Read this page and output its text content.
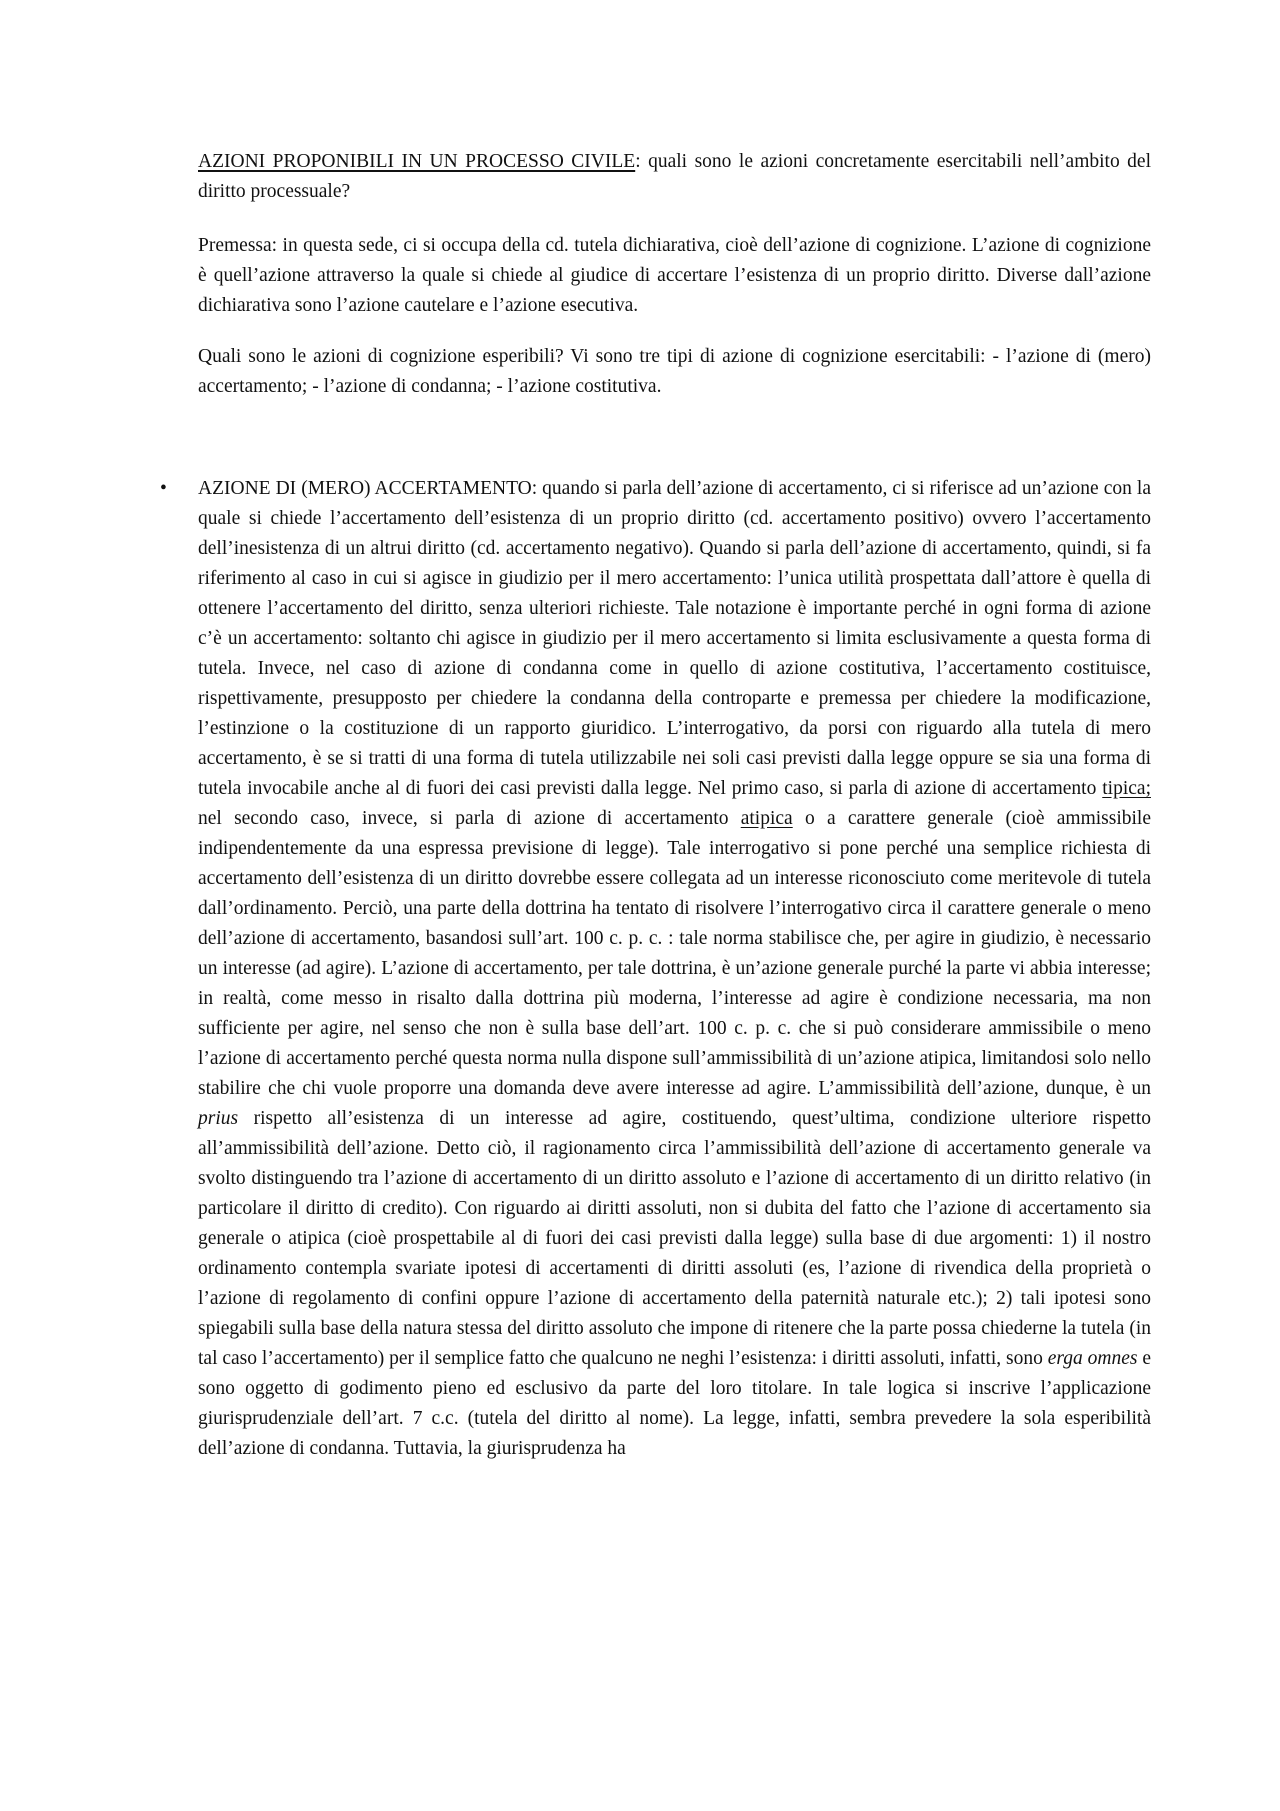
AZIONI PROPONIBILI IN UN PROCESSO CIVILE: quali sono le azioni concretamente esercitabili nell’ambito del diritto processuale?

Premessa: in questa sede, ci si occupa della cd. tutela dichiarativa, cioè dell’azione di cognizione. L’azione di cognizione è quell’azione attraverso la quale si chiede al giudice di accertare l’esistenza di un proprio diritto. Diverse dall’azione dichiarativa sono l’azione cautelare e l’azione esecutiva.

Quali sono le azioni di cognizione esperibili? Vi sono tre tipi di azione di cognizione esercitabili: - l’azione di (mero) accertamento; - l’azione di condanna; - l’azione costitutiva.

• AZIONE DI (MERO) ACCERTAMENTO: quando si parla dell’azione di accertamento, ci si riferisce ad un’azione con la quale si chiede l’accertamento dell’esistenza di un proprio diritto (cd. accertamento positivo) ovvero l’accertamento dell’inesistenza di un altrui diritto (cd. accertamento negativo). Quando si parla dell’azione di accertamento, quindi, si fa riferimento al caso in cui si agisce in giudizio per il mero accertamento: l’unica utilità prospettata dall’attore è quella di ottenere l’accertamento del diritto, senza ulteriori richieste. Tale notazione è importante perché in ogni forma di azione c’è un accertamento: soltanto chi agisce in giudizio per il mero accertamento si limita esclusivamente a questa forma di tutela. Invece, nel caso di azione di condanna come in quello di azione costitutiva, l’accertamento costituisce, rispettivamente, presupposto per chiedere la condanna della controparte e premessa per chiedere la modificazione, l’estinzione o la costituzione di un rapporto giuridico. L’interrogativo, da porsi con riguardo alla tutela di mero accertamento, è se si tratti di una forma di tutela utilizzabile nei soli casi previsti dalla legge oppure se sia una forma di tutela invocabile anche al di fuori dei casi previsti dalla legge. Nel primo caso, si parla di azione di accertamento tipica; nel secondo caso, invece, si parla di azione di accertamento atipica o a carattere generale (cioè ammissibile indipendentemente da una espressa previsione di legge). Tale interrogativo si pone perché una semplice richiesta di accertamento dell’esistenza di un diritto dovrebbe essere collegata ad un interesse riconosciuto come meritevole di tutela dall’ordinamento. Perciò, una parte della dottrina ha tentato di risolvere l’interrogativo circa il carattere generale o meno dell’azione di accertamento, basandosi sull’art. 100 c. p. c. : tale norma stabilisce che, per agire in giudizio, è necessario un interesse (ad agire). L’azione di accertamento, per tale dottrina, è un’azione generale purché la parte vi abbia interesse; in realtà, come messo in risalto dalla dottrina più moderna, l’interesse ad agire è condizione necessaria, ma non sufficiente per agire, nel senso che non è sulla base dell’art. 100 c. p. c. che si può considerare ammissibile o meno l’azione di accertamento perché questa norma nulla dispone sull’ammissibilità di un’azione atipica, limitandosi solo nello stabilire che chi vuole proporre una domanda deve avere interesse ad agire. L’ammissibilità dell’azione, dunque, è un prius rispetto all’esistenza di un interesse ad agire, costituendo, quest’ultima, condizione ulteriore rispetto all’ammissibilità dell’azione. Detto ciò, il ragionamento circa l’ammissibilità dell’azione di accertamento generale va svolto distinguendo tra l’azione di accertamento di un diritto assoluto e l’azione di accertamento di un diritto relativo (in particolare il diritto di credito). Con riguardo ai diritti assoluti, non si dubita del fatto che l’azione di accertamento sia generale o atipica (cioè prospettabile al di fuori dei casi previsti dalla legge) sulla base di due argomenti: 1) il nostro ordinamento contempla svariate ipotesi di accertamenti di diritti assoluti (es, l’azione di rivendica della proprietà o l’azione di regolamento di confini oppure l’azione di accertamento della paternità naturale etc.); 2) tali ipotesi sono spiegabili sulla base della natura stessa del diritto assoluto che impone di ritenere che la parte possa chiederne la tutela (in tal caso l’accertamento) per il semplice fatto che qualcuno ne neghi l’esistenza: i diritti assoluti, infatti, sono erga omnes e sono oggetto di godimento pieno ed esclusivo da parte del loro titolare. In tale logica si inscrive l’applicazione giurisprudenziale dell’art. 7 c.c. (tutela del diritto al nome). La legge, infatti, sembra prevedere la sola esperibilità dell’azione di condanna. Tuttavia, la giurisprudenza ha
